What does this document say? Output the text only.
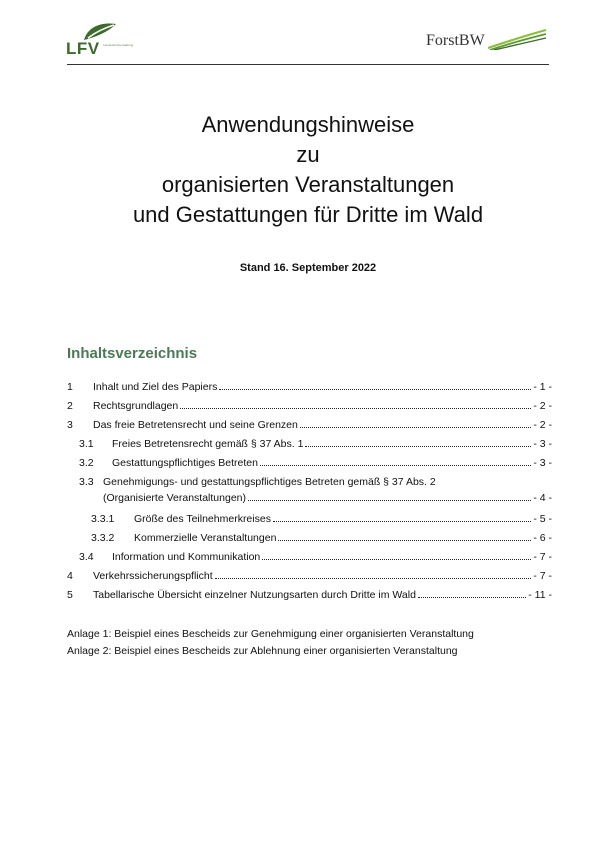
LFV Landesforstverwaltung	ForstBW
Anwendungshinweise
zu
organisierten Veranstaltungen
und Gestattungen für Dritte im Wald
Stand 16. September 2022
Inhaltsverzeichnis
1	Inhalt und Ziel des Papiers	- 1 -
2	Rechtsgrundlagen	- 2 -
3	Das freie Betretensrecht und seine Grenzen	- 2 -
3.1	Freies Betretensrecht gemäß § 37 Abs. 1	- 3 -
3.2	Gestattungspflichtiges Betreten	- 3 -
3.3 Genehmigungs- und gestattungspflichtiges Betreten gemäß § 37 Abs. 2
(Organisierte Veranstaltungen)	- 4 -
3.3.1	Größe des Teilnehmerkreises	- 5 -
3.3.2	Kommerzielle Veranstaltungen	- 6 -
3.4	Information und Kommunikation	- 7 -
4	Verkehrssicherungspflicht	- 7 -
5	Tabellarische Übersicht einzelner Nutzungsarten durch Dritte im Wald	- 11 -
Anlage 1: Beispiel eines Bescheids zur Genehmigung einer organisierten Veranstaltung
Anlage 2: Beispiel eines Bescheids zur Ablehnung einer organisierten Veranstaltung
